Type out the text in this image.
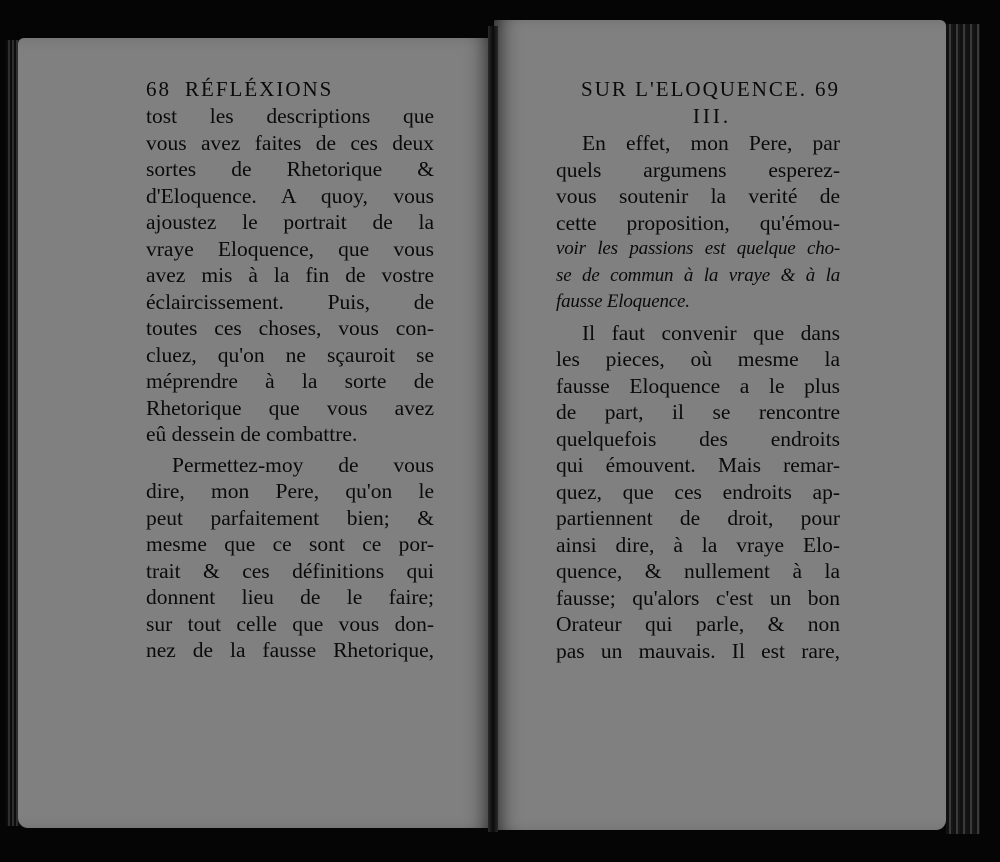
68 RÉFLÉXIONS
tost les descriptions que
vous avez faites de ces deux
sortes de Rhetorique &
d'Eloquence. A quoy, vous
ajoustez le portrait de la
vraye Eloquence, que vous
avez mis à la fin de vostre
éclaircissement. Puis, de
toutes ces choses, vous con-
cluez, qu'on ne sçauroit se
méprendre à la sorte de
Rhetorique que vous avez
eû dessein de combattre.
Permettez-moy de vous
dire, mon Pere, qu'on le
peut parfaitement bien; &
mesme que ce sont ce por-
trait & ces définitions qui
donnent lieu de le faire;
sur tout celle que vous don-
nez de la fausse Rhetorique,
SUR L'ELOQUENCE. 69
III.
En effet, mon Pere, par
quels argumens esperez-
vous soutenir la verité de
cette proposition, qu'émou-
voir les passions est quelque cho-
se de commun à la vraye & à la
fausse Eloquence.
Il faut convenir que dans
les pieces, où mesme la
fausse Eloquence a le plus
de part, il se rencontre
quelquefois des endroits
qui émouvent. Mais remar-
quez, que ces endroits ap-
partiennent de droit, pour
ainsi dire, à la vraye Elo-
quence, & nullement à la
fausse; qu'alors c'est un bon
Orateur qui parle, & non
pas un mauvais. Il est rare,
